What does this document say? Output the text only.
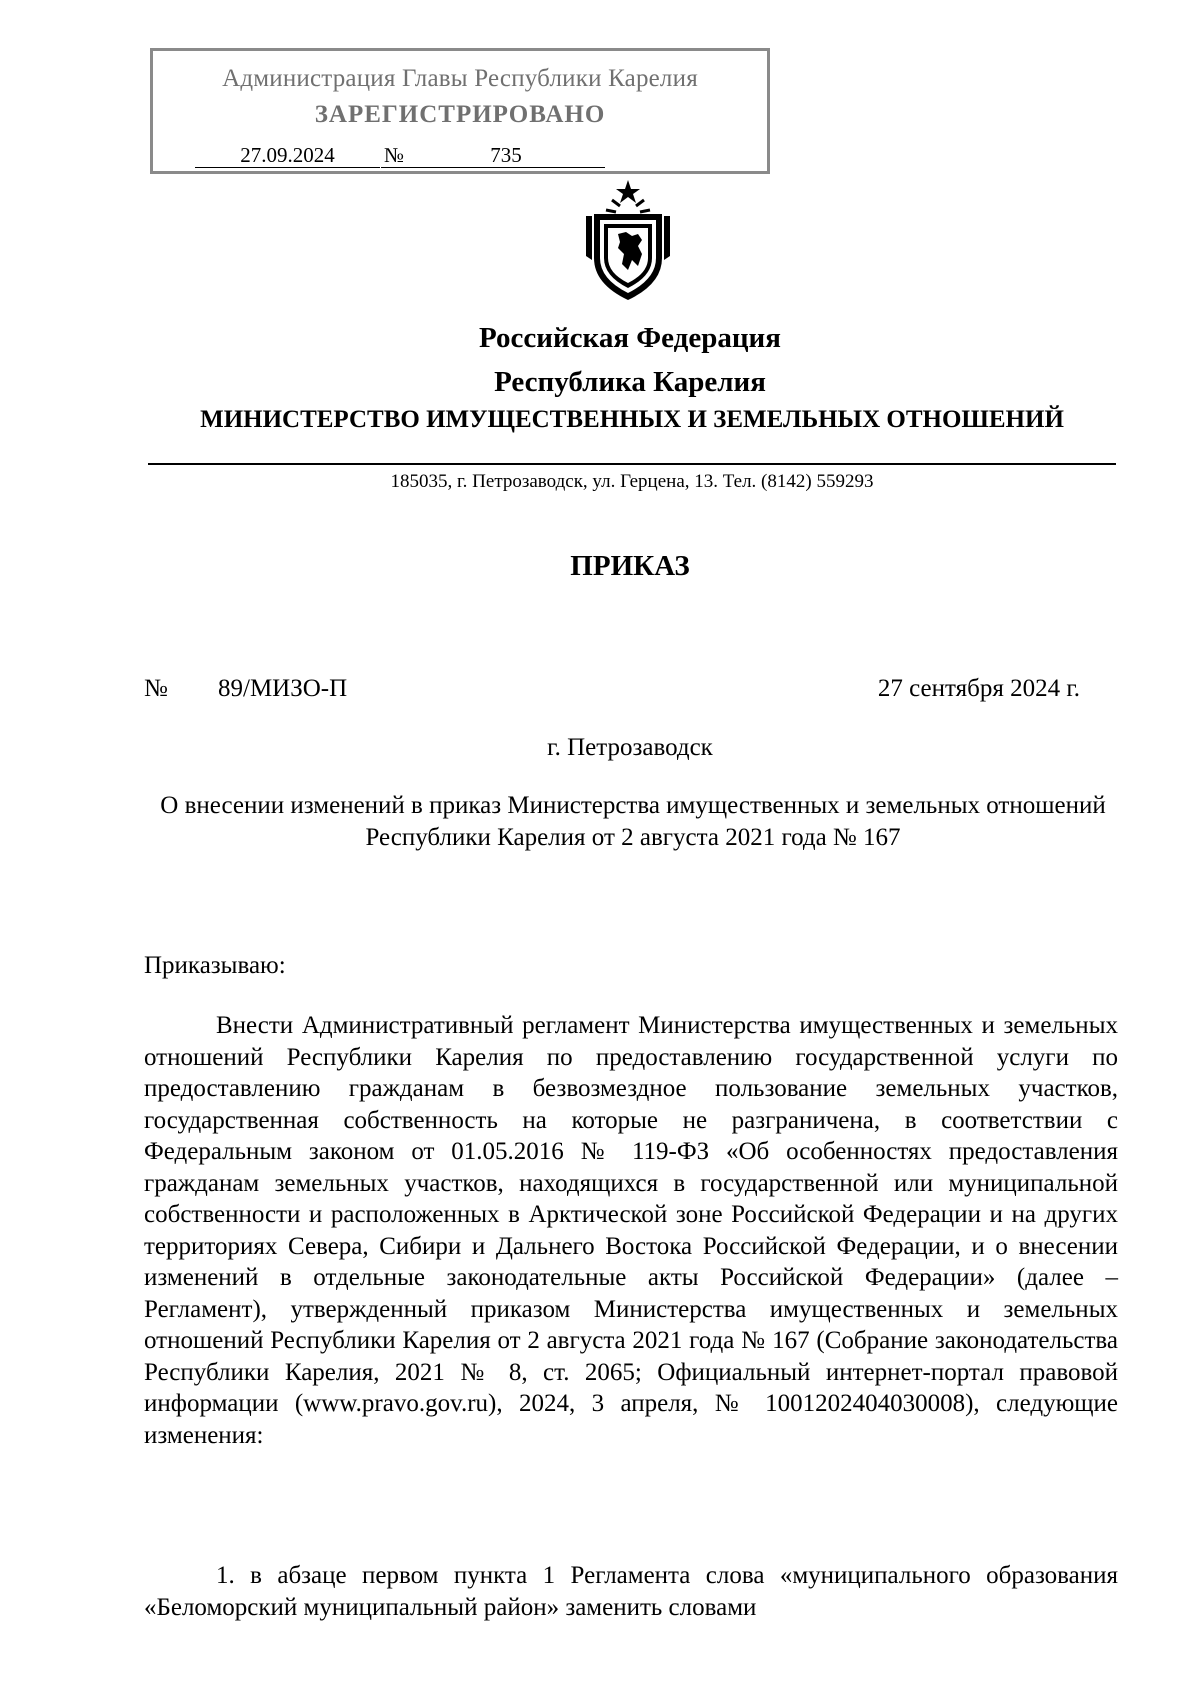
Администрация Главы Республики Карелия
ЗАРЕГИСТРИРОВАНО
27.09.2024	№	735
Российская Федерация
Республика Карелия
МИНИСТЕРСТВО ИМУЩЕСТВЕННЫХ И ЗЕМЕЛЬНЫХ ОТНОШЕНИЙ
185035, г. Петрозаводск, ул. Герцена, 13. Тел. (8142) 559293
ПРИКАЗ
№ 89/МИЗО-П	27 сентября 2024 г.
г. Петрозаводск
О внесении изменений в приказ Министерства имущественных и земельных отношений Республики Карелия от 2 августа 2021 года № 167
Приказываю:

Внести Административный регламент Министерства имущественных и земельных отношений Республики Карелия по предоставлению государственной услуги по предоставлению гражданам в безвозмездное пользование земельных участков, государственная собственность на которые не разграничена, в соответствии с Федеральным законом от 01.05.2016 № 119-ФЗ «Об особенностях предоставления гражданам земельных участков, находящихся в государственной или муниципальной собственности и расположенных в Арктической зоне Российской Федерации и на других территориях Севера, Сибири и Дальнего Востока Российской Федерации, и о внесении изменений в отдельные законодательные акты Российской Федерации» (далее – Регламент), утвержденный приказом Министерства имущественных и земельных отношений Республики Карелия от 2 августа 2021 года № 167 (Собрание законодательства Республики Карелия, 2021 № 8, ст. 2065; Официальный интернет-портал правовой информации (www.pravo.gov.ru), 2024, 3 апреля, № 1001202404030008), следующие изменения:

1. в абзаце первом пункта 1 Регламента слова «муниципального образования «Беломорский муниципальный район» заменить словами
